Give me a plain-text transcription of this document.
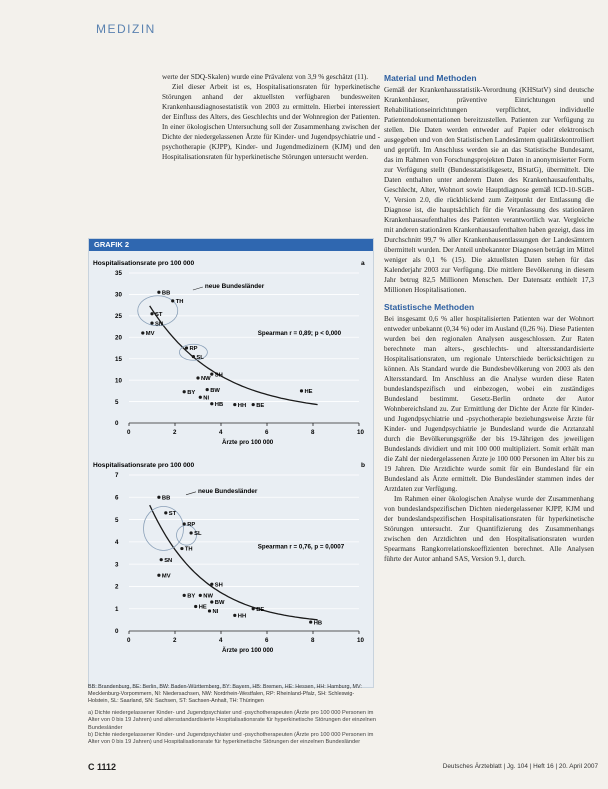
MEDIZIN

werte der SDQ-Skalen) wurde eine Prävalenz von 3,9 % geschätzt (11).

Ziel dieser Arbeit ist es, Hospitalisationsraten für hyperkinetische Störungen anhand der aktuellsten verfügbaren bundesweiten Krankenhausdiagnosestatistik von 2003 zu ermitteln. Hierbei interessiert der Einfluss des Alters, des Geschlechts und der Wohnregion der Patienten. In einer ökologischen Untersuchung soll der Zusammenhang zwischen der Dichte der niedergelassenen Ärzte für Kinder- und Jugendpsychiatrie und -psychotherapie (KJPP), Kinder- und Jugendmedizinern (KJM) und den Hospitalisationsraten für hyperkinetische Störungen untersucht werden.

Material und Methoden

Gemäß der Krankenhausstatistik-Verordnung (KHStatV) sind deutsche Krankenhäuser, präventive Einrichtungen und Rehabilitationseinrichtungen verpflichtet, individuelle Patientendokumentationen bereitzustellen. Patienten zur Verfügung zu stellen. Die Daten werden entweder auf Papier oder elektronisch ausgegeben und von den Statistischen Landesämtern qualitätskontrolliert und geprüft. Im Anschluss werden sie an das Statistische Bundesamt, das im Rahmen von Forschungsprojekten Daten in anonymisierter Form zur Verfügung stellt (Bundesstatistikgesetz, BStatG), übermittelt. Die Daten enthalten unter anderem Daten des Krankenhausaufenthalts, Geschlecht, Alter, Wohnort sowie Hauptdiagnose gemäß ICD-10-SGB-V, Version 2.0, die rückblickend zum Zeitpunkt der Entlassung die Diagnose ist, die hauptsächlich für die Veranlassung des stationären Krankenhausaufenthaltes des Patienten verantwortlich war. Vergleiche mit anderen stationären Krankenhausaufenthalten haben gezeigt, dass im Durchschnitt 99,7 % aller Krankenhausentlassungen der Landesämtern übermittelt wurden. Der Anteil unbekannter Diagnosen beträgt im Mittel weniger als 0,1 % (15). Die aktuellsten Daten stehen für das Kalenderjahr 2003 zur Verfügung. Die mittlere Bevölkerung in diesem Jahr betrug 82,5 Millionen Menschen. Der Datensatz enthielt 17,3 Millionen Hospitalisationen.

Statistische Methoden

Bei insgesamt 0,6 % aller hospitalisierten Patienten war der Wohnort entweder unbekannt (0,34 %) oder im Ausland (0,26 %). Diese Patienten wurden bei den regionalen Analysen ausgeschlossen. Zur Raten berechnete man alters-, geschlechts- und altersstandardisierte Hospitalisationsraten, um regionale Unterschiede berücksichtigen zu können. Als Standard wurde die Bundesbevölkerung von 2003 als den Altersstandard. Im Anschluss an die Analyse wurden diese Raten bundeslandspezifisch und einbezogen, wobei ein zuständiges Bundesland bestimmt. Gesetz-Berlin ordnete der Autor Wohnbereichsland zu. Zur Ermittlung der Dichte der Ärzte für Kinder- und Jugendpsychiatrie und -psychotherapie beziehungsweise Ärzte für Kinder- und Jugendpsychiatrie je Bundesland wurde die Arztanzahl durch die Bevölkerungsgröße der bis 19-Jährigen des jeweiligen Bundeslands dividiert und mit 100 000 multipliziert. Somit erhält man die Zahl der niedergelassenen Ärzte je 100 000 Personen im Alter bis zu 19 Jahren. Die Arztdichte wurde somit für ein Bundesland für ein Bundesland als Ärzte ermittelt. Die Bundesländer stammen indes der Arztdaten zur Verfügung.

Im Rahmen einer ökologischen Analyse wurde der Zusammenhang von bundeslandspezifischen Dichten niedergelassener KJPP, KJM und der bundeslandspezifischen Hospitalisationsraten für hyperkinetische Störungen untersucht. Zur Quantifizierung des Zusammenhangs zwischen den Arztdichten und den Hospitalisationsraten wurden Spearmans Rangkorrelationskoeffizienten berechnet. Alle Analysen führte der Autor anhand SAS, Version 9.1, durch.

GRAFIK 2
Hospitalisationsrate pro 100 000	a
0
5
10
15
20
25
30
35
0	2	4	6	8	10
Ärzte pro 100 000
neue Bundesländer
Spearman r = 0,89; p < 0,000
BB
TH
ST
SN
MV
RP
SL
NW
SH
BY	BW
NI
HB	HH BE
HE
Hospitalisationsrate pro 100 000	b
0
1
2
3
4
5
6
7
0	2	4	6	8	10
Ärzte pro 100 000
neue Bundesländer
Spearman r = 0,76, p = 0,0007
BB
ST
RP
SL
TH
SN
MV
SH
BY NW
BW
HE
NI
HH
BE
HB
BB: Brandenburg, BE: Berlin, BW: Baden-Württemberg, BY: Bayern, HB: Bremen, HE: Hessen, HH: Hamburg, MV: Mecklenburg-Vorpommern, NI: Niedersachsen, NW: Nordrhein-Westfalen, RP: Rheinland-Pfalz, SH: Schleswig-Holstein, SL: Saarland, SN: Sachsen, ST: Sachsen-Anhalt, TH: Thüringen

a) Dichte niedergelassener Kinder- und Jugendpsychiater und -psychotherapeuten (Ärzte pro 100 000 Personen im Alter von 0 bis 19 Jahren) und altersstandardisierte Hospitalisationsrate für hyperkinetische Störungen der einzelnen Bundesländer

b) Dichte niedergelassener Kinder- und Jugendpsychiater und -psychotherapeuten (Ärzte pro 100 000 Personen im Alter von 0 bis 19 Jahren) und Hospitalisationsrate für hyperkinetische Störungen der einzelnen Bundesländer

C 1112	Deutsches Ärzteblatt | Jg. 104 | Heft 16 | 20. April 2007
